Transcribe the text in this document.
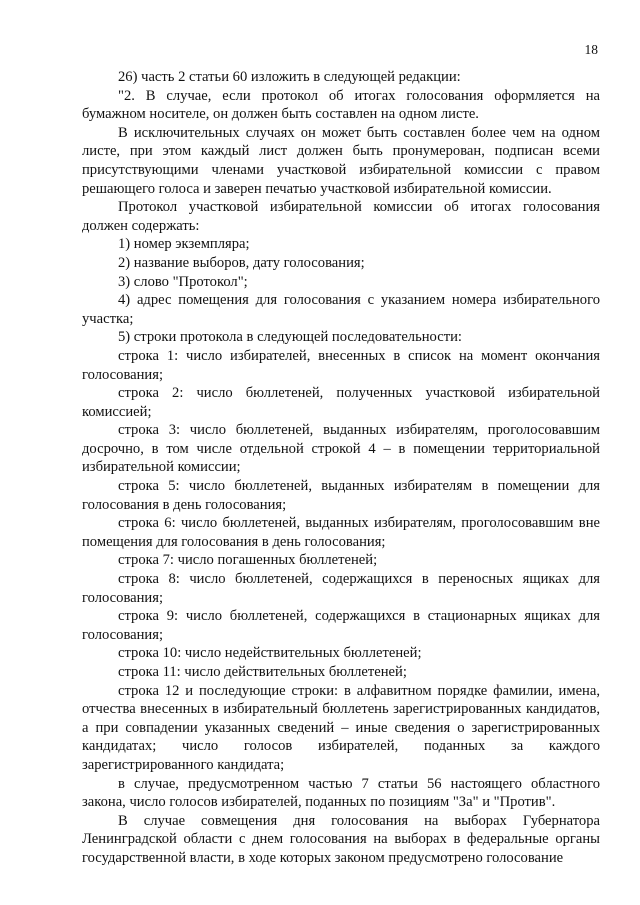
18

26) часть 2 статьи 60 изложить в следующей редакции:

"2. В случае, если протокол об итогах голосования оформляется на бумажном носителе, он должен быть составлен на одном листе.

В исключительных случаях он может быть составлен более чем на одном листе, при этом каждый лист должен быть пронумерован, подписан всеми присутствующими членами участковой избирательной комиссии с правом решающего голоса и заверен печатью участковой избирательной комиссии.

Протокол участковой избирательной комиссии об итогах голосования должен содержать:

1) номер экземпляра;

2) название выборов, дату голосования;

3) слово "Протокол";

4) адрес помещения для голосования с указанием номера избирательного участка;

5) строки протокола в следующей последовательности:

строка 1: число избирателей, внесенных в список на момент окончания голосования;

строка 2: число бюллетеней, полученных участковой избирательной комиссией;

строка 3: число бюллетеней, выданных избирателям, проголосовавшим досрочно, в том числе отдельной строкой 4 – в помещении территориальной избирательной комиссии;

строка 5: число бюллетеней, выданных избирателям в помещении для голосования в день голосования;

строка 6: число бюллетеней, выданных избирателям, проголосовавшим вне помещения для голосования в день голосования;

строка 7: число погашенных бюллетеней;

строка 8: число бюллетеней, содержащихся в переносных ящиках для голосования;

строка 9: число бюллетеней, содержащихся в стационарных ящиках для голосования;

строка 10: число недействительных бюллетеней;

строка 11: число действительных бюллетеней;

строка 12 и последующие строки: в алфавитном порядке фамилии, имена, отчества внесенных в избирательный бюллетень зарегистрированных кандидатов, а при совпадении указанных сведений – иные сведения о зарегистрированных кандидатах; число голосов избирателей, поданных за каждого зарегистрированного кандидата;

в случае, предусмотренном частью 7 статьи 56 настоящего областного закона, число голосов избирателей, поданных по позициям "За" и "Против".

В случае совмещения дня голосования на выборах Губернатора Ленинградской области с днем голосования на выборах в федеральные органы государственной власти, в ходе которых законом предусмотрено голосование
